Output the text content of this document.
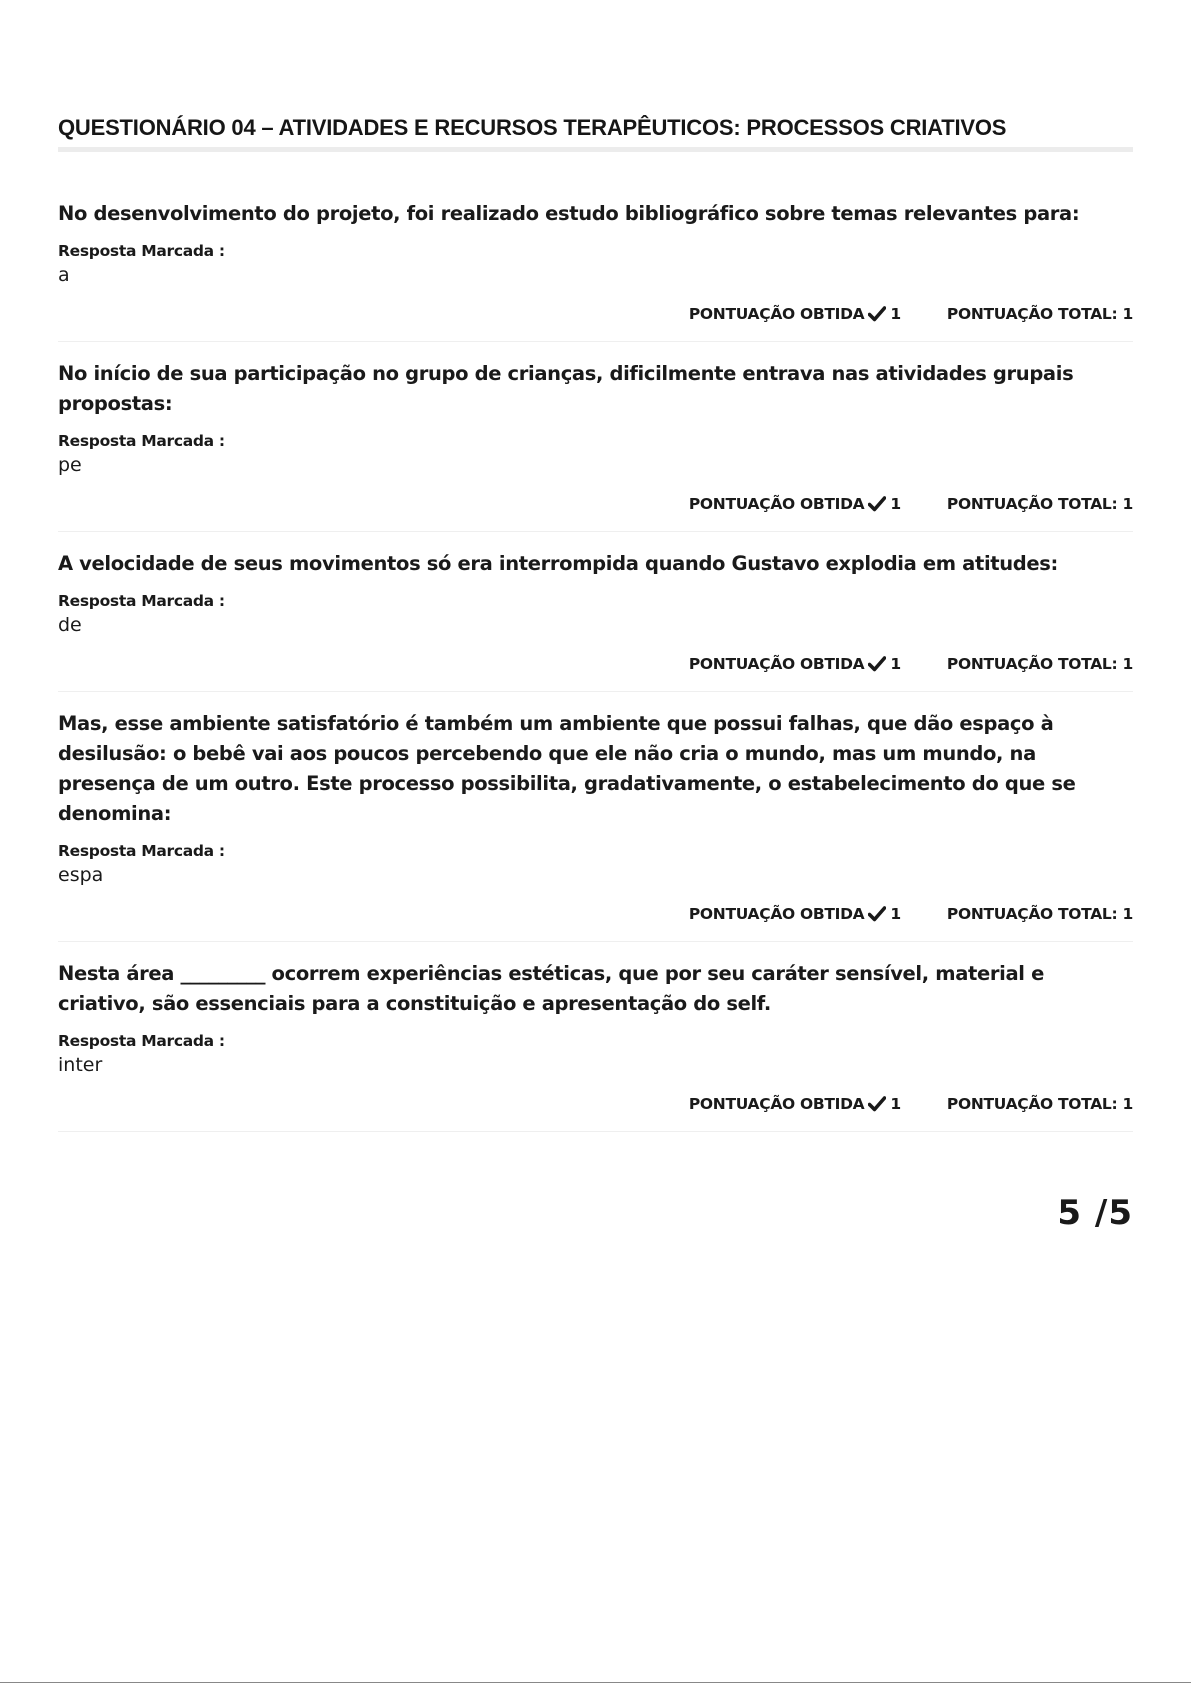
QUESTIONÁRIO 04 – ATIVIDADES E RECURSOS TERAPÊUTICOS: PROCESSOS CRIATIVOS

No desenvolvimento do projeto, foi realizado estudo bibliográfico sobre temas relevantes para:

Resposta Marcada :
a
PONTUAÇÃO OBTIDA 1	PONTUAÇÃO TOTAL: 1

No início de sua participação no grupo de crianças, dificilmente entrava nas atividades grupais propostas:

Resposta Marcada :
pe
PONTUAÇÃO OBTIDA 1	PONTUAÇÃO TOTAL: 1

A velocidade de seus movimentos só era interrompida quando Gustavo explodia em atitudes:

Resposta Marcada :
de
PONTUAÇÃO OBTIDA 1	PONTUAÇÃO TOTAL: 1

Mas, esse ambiente satisfatório é também um ambiente que possui falhas, que dão espaço à desilusão: o bebê vai aos poucos percebendo que ele não cria o mundo, mas um mundo, na presença de um outro. Este processo possibilita, gradativamente, o estabelecimento do que se denomina:

Resposta Marcada :
espa
PONTUAÇÃO OBTIDA 1	PONTUAÇÃO TOTAL: 1

Nesta área _________ ocorrem experiências estéticas, que por seu caráter sensível, material e criativo, são essenciais para a constituição e apresentação do self.

Resposta Marcada :
inter
PONTUAÇÃO OBTIDA 1	PONTUAÇÃO TOTAL: 1
5 /5
